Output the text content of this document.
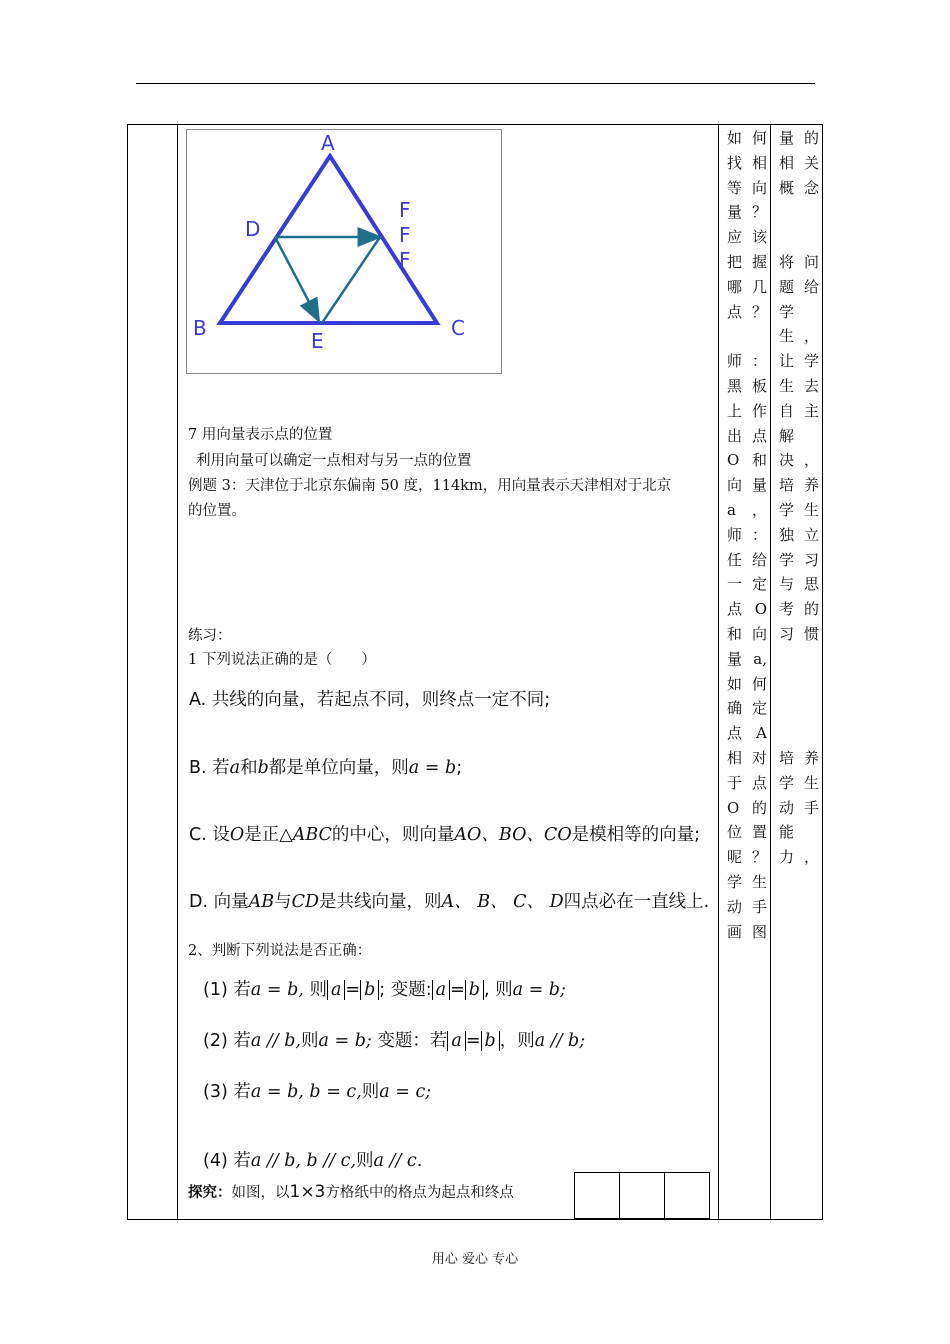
A
B	C
D
E
F
F
F
7 用向量表示点的位置
利用向量可以确定一点相对与另一点的位置
例题 3：天津位于北京东偏南 50 度，114km，用向量表示天津相对于北京
的位置。
练习：
1 下列说法正确的是（　　）
A. 共线的向量，若起点不同，则终点一定不同;
B. 若a和b都是单位向量，则a = b;
C. 设O是正△ABC的中心，则向量AO、BO、CO是模相等的向量;
D. 向量AB与CD是共线向量，则A、 B、 C、 D四点必在一直线上.
2、判断下列说法是否正确：
(1) 若a = b, 则 a = b ; 变题: a = b , 则a = b;
(2) 若a // b,则a = b; 变题：若 a = b ，则a // b;
(3) 若a = b, b = c,则a = c;
(4) 若a // b, b // c,则a // c.
探究：如图，以1×3方格纸中的格点为起点和终点
如何
找相
等向
量？
应该
把握
哪几
点？

师：
黑板
上作
出点
O 和
向量
a，
师：
任给
一定
点 O
和向
量 a,
如何
确定
点 A
相对
于点
O 的
位置
呢？
学生
动手
画图
量的
相关
概念

将问
题给
学
生，
让学
生去
自主
解
决，
培养
学生
独立
学习
与思
考的
习惯

培养
学生
动手
能
力，
用心 爱心 专心
